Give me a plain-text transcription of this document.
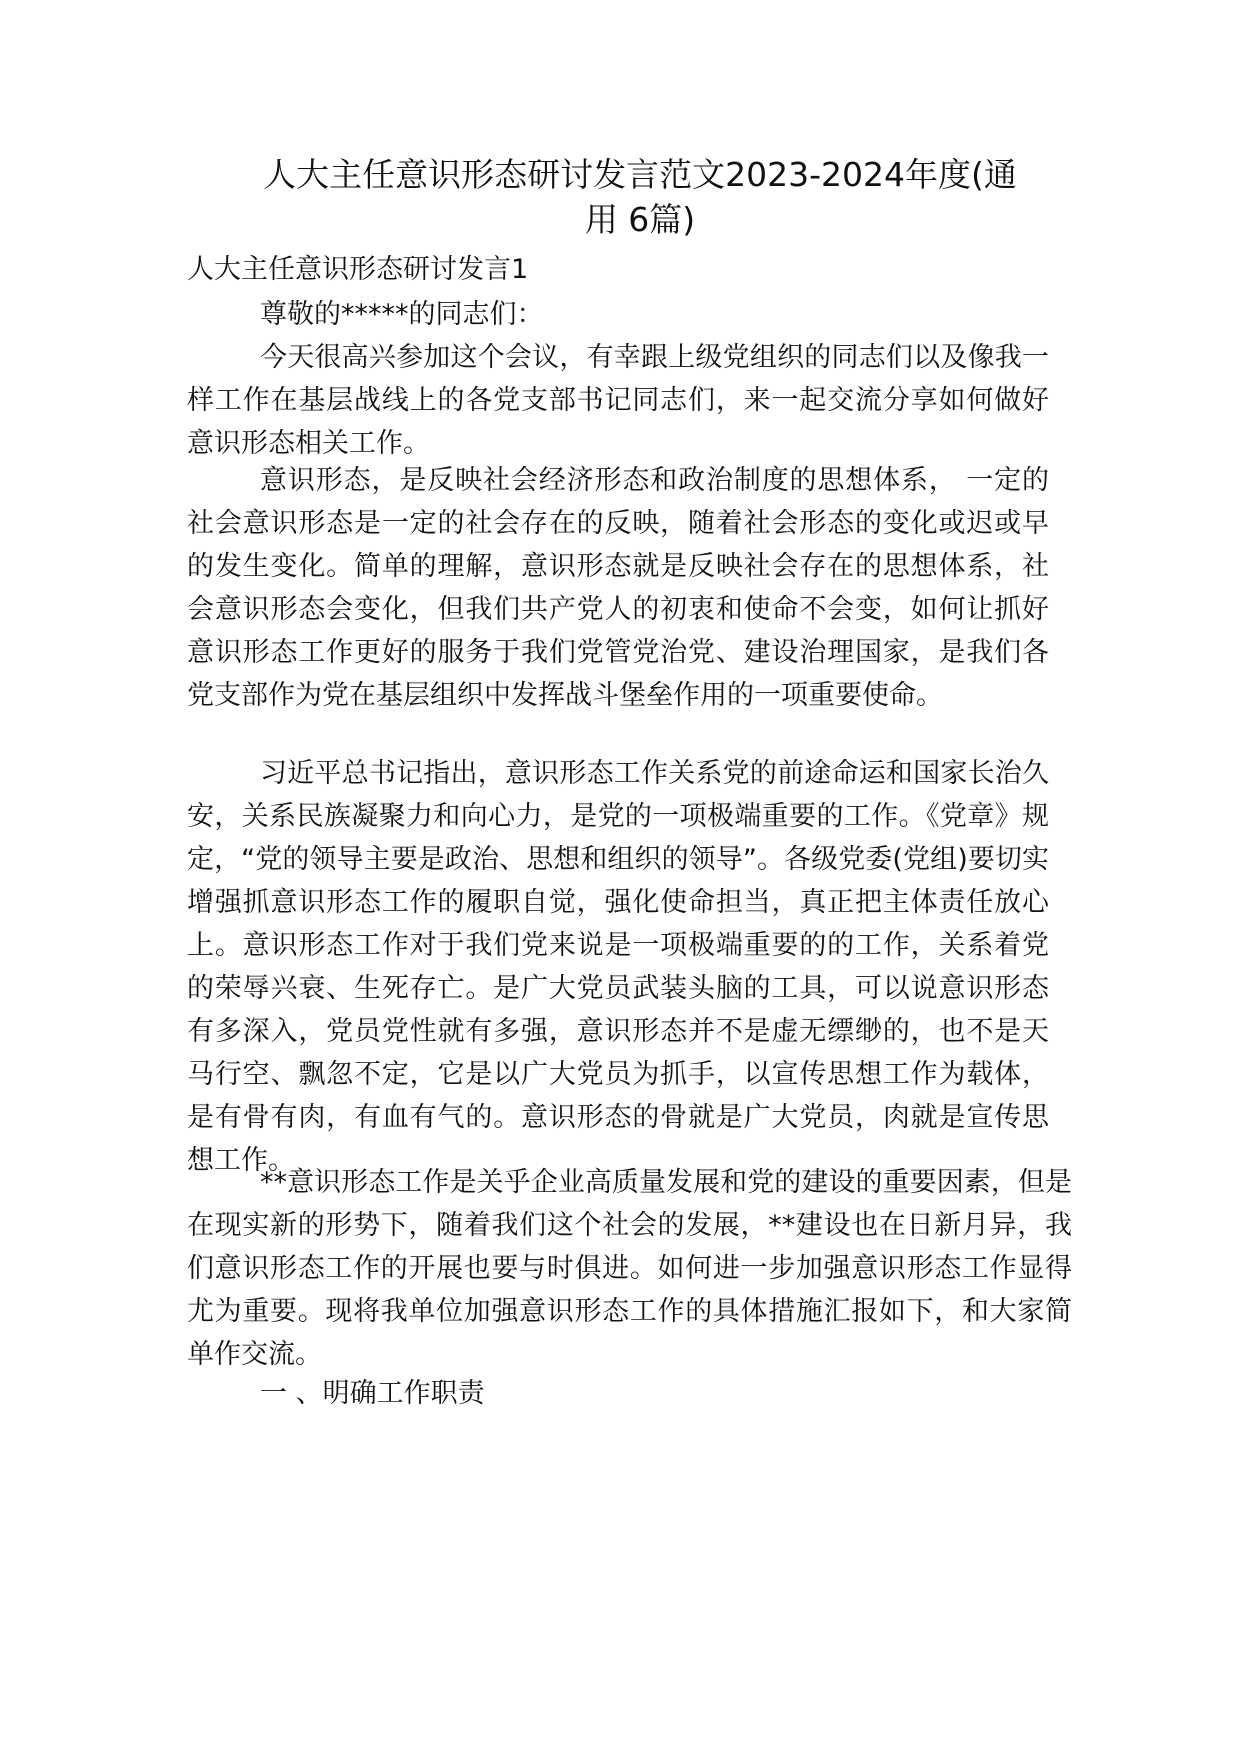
人大主任意识形态研讨发言范文2023-2024年度(通用 6篇)

人大主任意识形态研讨发言1

尊敬的*****的同志们：

今天很高兴参加这个会议，有幸跟上级党组织的同志们以及像我一样工作在基层战线上的各党支部书记同志们，来一起交流分享如何做好意识形态相关工作。

意识形态，是反映社会经济形态和政治制度的思想体系， 一定的社会意识形态是一定的社会存在的反映，随着社会形态的变化或迟或早的发生变化。简单的理解，意识形态就是反映社会存在的思想体系，社会意识形态会变化，但我们共产党人的初衷和使命不会变，如何让抓好意识形态工作更好的服务于我们党管党治党、建设治理国家，是我们各党支部作为党在基层组织中发挥战斗堡垒作用的一项重要使命。

习近平总书记指出，意识形态工作关系党的前途命运和国家长治久安，关系民族凝聚力和向心力，是党的一项极端重要的工作。《党章》规定，“党的领导主要是政治、思想和组织的领导”。各级党委(党组)要切实增强抓意识形态工作的履职自觉，强化使命担当，真正把主体责任放心上。意识形态工作对于我们党来说是一项极端重要的的工作，关系着党的荣辱兴衰、生死存亡。是广大党员武装头脑的工具，可以说意识形态有多深入，党员党性就有多强，意识形态并不是虚无缥缈的，也不是天马行空、飘忽不定，它是以广大党员为抓手，以宣传思想工作为载体，是有骨有肉，有血有气的。意识形态的骨就是广大党员，肉就是宣传思想工作。

**意识形态工作是关乎企业高质量发展和党的建设的重要因素，但是在现实新的形势下，随着我们这个社会的发展，**建设也在日新月异，我们意识形态工作的开展也要与时俱进。如何进一步加强意识形态工作显得尤为重要。现将我单位加强意识形态工作的具体措施汇报如下，和大家简单作交流。

一 、明确工作职责
